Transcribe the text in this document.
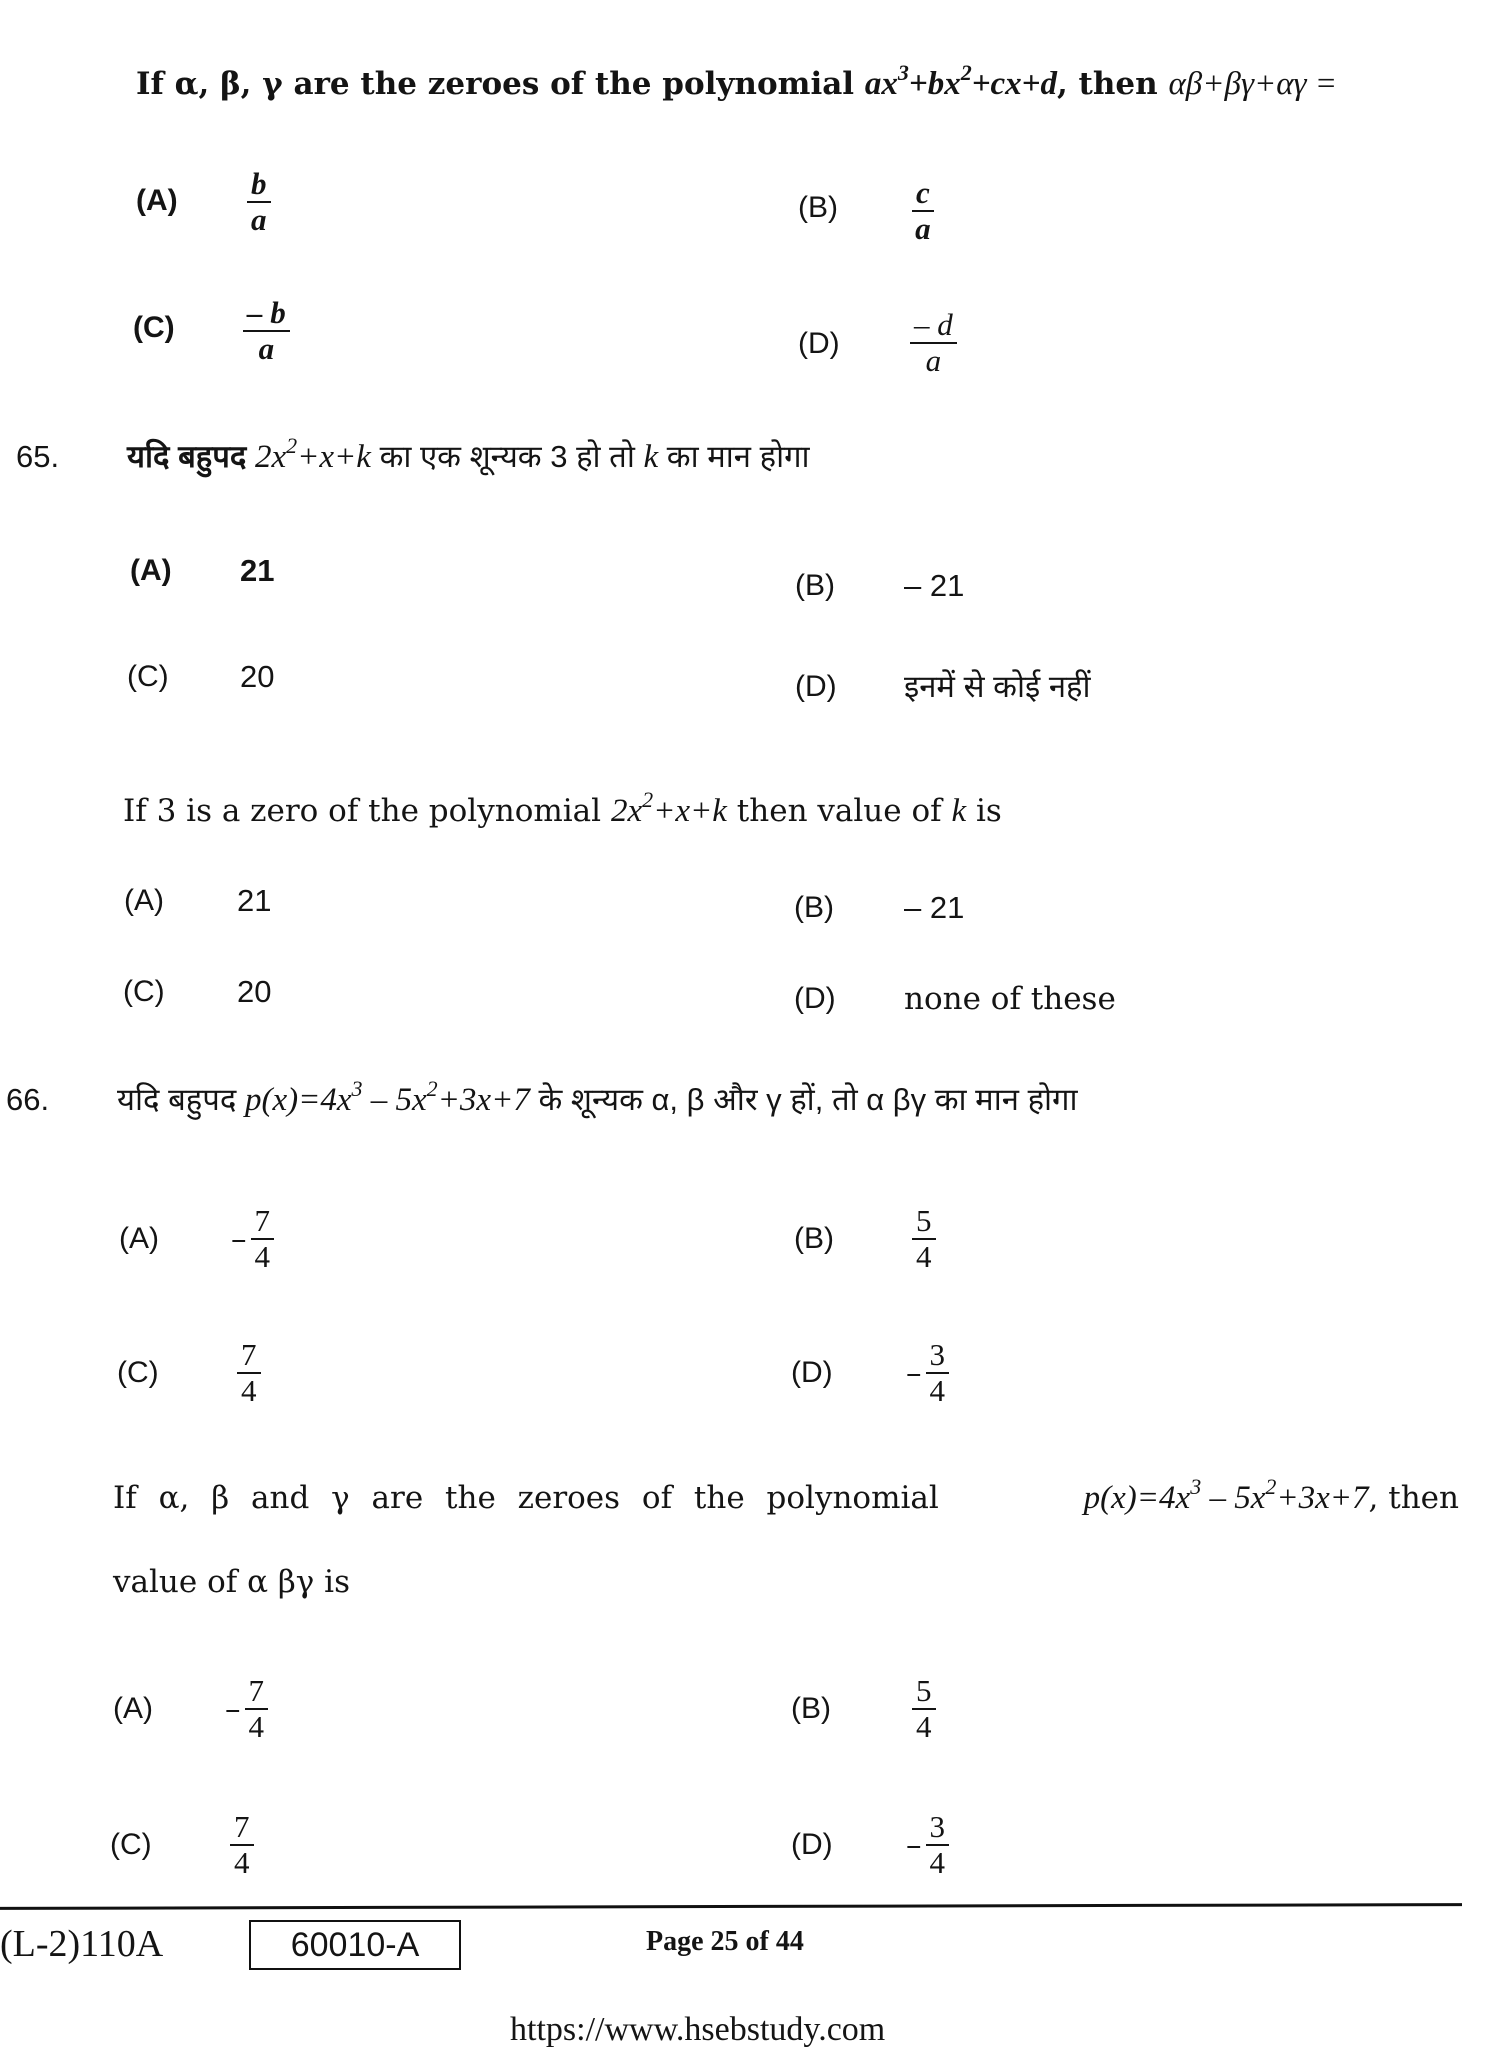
If α, β, γ are the zeroes of the polynomial $ax^3+bx^2+cx+d$, then αβ+βγ+αγ =
$(A) \frac{b}{a}$	$(B) \frac{c}{a}$
$(C) \frac{- b}{a}$	$(D) \frac{- d}{a}$
65. यदि बहुपद $2x^2+x+k$ का एक शून्यक 3 हो तो k का मान होगा
(A) 21	(B) – 21
(C) 20	(D) इनमें से कोई नहीं
If 3 is a zero of the polynomial $2x^2+x+k$ then value of k is
(A) 21	(B) – 21
(C) 20	(D) none of these
66. यदि बहुपद $p(x)=4x^3 - 5x^2+3x+7$ के शून्यक α, β और γ हों, तो α βγ का मान होगा
(A)	– $\frac{7}{4}$	(B)	$\frac{5}{4}$
(C)	$\frac{7}{4}$	(D)	– $\frac{3}{4}$
If α, β and γ are the zeroes of the polynomial	$p(x)=4x^3 - 5x^2+3x+7$, then
value of α βγ is
(A)	– $\frac{7}{4}$	(B)	$\frac{5}{4}$
(C)	$\frac{7}{4}$	(D)	– $\frac{3}{4}$
(L-2)110A	60010-A	Page 25 of 44
https://www.hsebstudy.com
